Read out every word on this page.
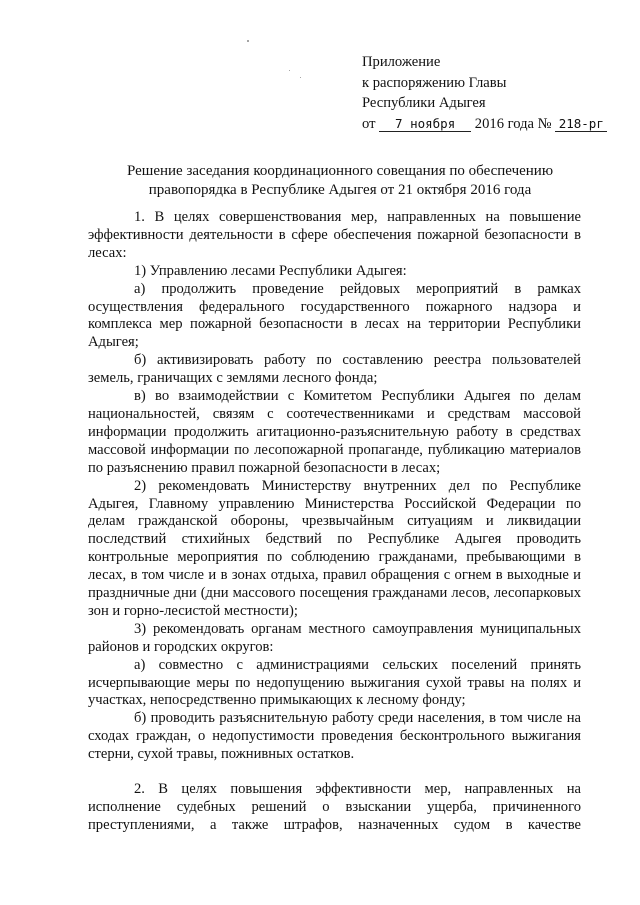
Приложение
к распоряжению Главы
Республики Адыгея
от 7 ноября 2016 года № 218-рг
Решение заседания координационного совещания по обеспечению
правопорядка в Республике Адыгея от 21 октября 2016 года

1. В целях совершенствования мер, направленных на повышение эффективности деятельности в сфере обеспечения пожарной безопасности в лесах:

1) Управлению лесами Республики Адыгея:

а) продолжить проведение рейдовых мероприятий в рамках осуществления федерального государственного пожарного надзора и комплекса мер пожарной безопасности в лесах на территории Республики Адыгея;

б) активизировать работу по составлению реестра пользователей земель, граничащих с землями лесного фонда;

в) во взаимодействии с Комитетом Республики Адыгея по делам национальностей, связям с соотечественниками и средствам массовой информации продолжить агитационно-разъяснительную работу в средствах массовой информации по лесопожарной пропаганде, публикацию материалов по разъяснению правил пожарной безопасности в лесах;

2) рекомендовать Министерству внутренних дел по Республике Адыгея, Главному управлению Министерства Российской Федерации по делам гражданской обороны, чрезвычайным ситуациям и ликвидации последствий стихийных бедствий по Республике Адыгея проводить контрольные мероприятия по соблюдению гражданами, пребывающими в лесах, в том числе и в зонах отдыха, правил обращения с огнем в выходные и праздничные дни (дни массового посещения гражданами лесов, лесопарковых зон и горно-лесистой местности);

3) рекомендовать органам местного самоуправления муниципальных районов и городских округов:

а) совместно с администрациями сельских поселений принять исчерпывающие меры по недопущению выжигания сухой травы на полях и участках, непосредственно примыкающих к лесному фонду;

б) проводить разъяснительную работу среди населения, в том числе на сходах граждан, о недопустимости проведения бесконтрольного выжигания стерни, сухой травы, пожнивных остатков.

2. В целях повышения эффективности мер, направленных на исполнение судебных решений о взыскании ущерба, причиненного преступлениями, а также штрафов, назначенных судом в качестве
